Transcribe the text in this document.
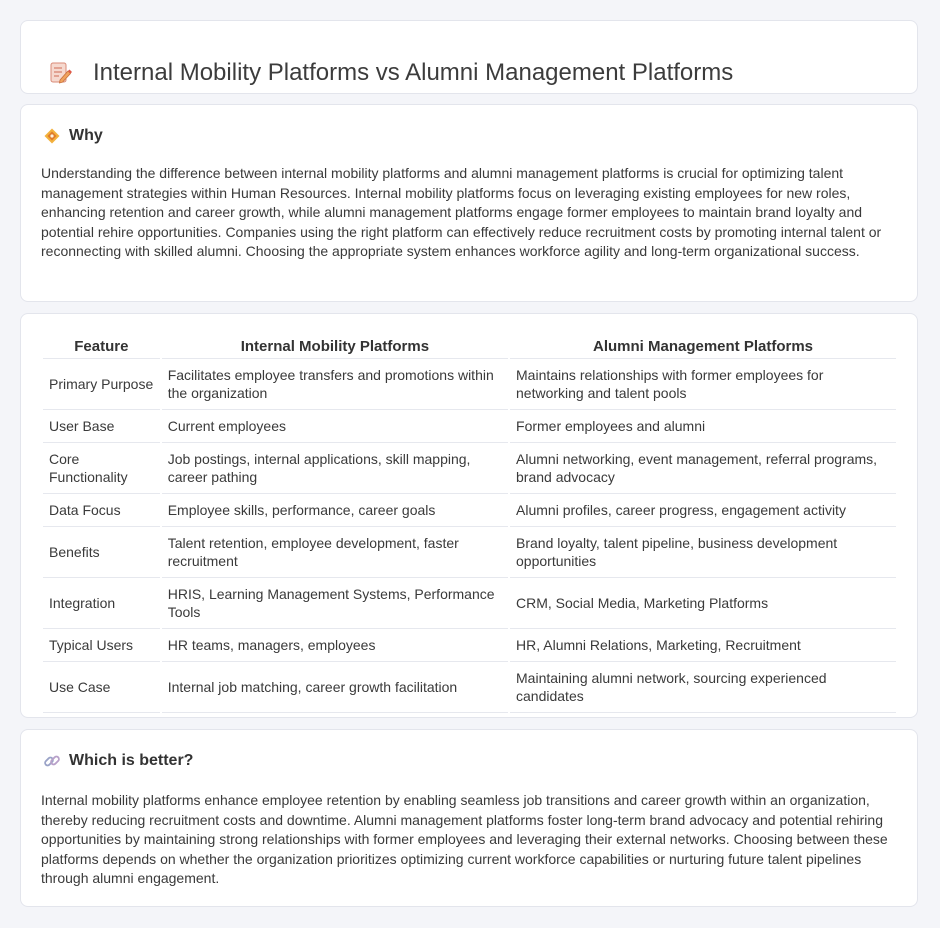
Internal Mobility Platforms vs Alumni Management Platforms
Why

Understanding the difference between internal mobility platforms and alumni management platforms is crucial for optimizing talent management strategies within Human Resources. Internal mobility platforms focus on leveraging existing employees for new roles, enhancing retention and career growth, while alumni management platforms engage former employees to maintain brand loyalty and potential rehire opportunities. Companies using the right platform can effectively reduce recruitment costs by promoting internal talent or reconnecting with skilled alumni. Choosing the appropriate system enhances workforce agility and long-term organizational success.

Feature	Internal Mobility Platforms	Alumni Management Platforms
Primary Purpose	Facilitates employee transfers and promotions within the organization	Maintains relationships with former employees for networking and talent pools
User Base	Current employees	Former employees and alumni
Core Functionality	Job postings, internal applications, skill mapping, career pathing	Alumni networking, event management, referral programs, brand advocacy
Data Focus	Employee skills, performance, career goals	Alumni profiles, career progress, engagement activity
Benefits	Talent retention, employee development, faster recruitment	Brand loyalty, talent pipeline, business development opportunities
Integration	HRIS, Learning Management Systems, Performance Tools	CRM, Social Media, Marketing Platforms
Typical Users	HR teams, managers, employees	HR, Alumni Relations, Marketing, Recruitment
Use Case	Internal job matching, career growth facilitation	Maintaining alumni network, sourcing experienced candidates
Which is better?

Internal mobility platforms enhance employee retention by enabling seamless job transitions and career growth within an organization, thereby reducing recruitment costs and downtime. Alumni management platforms foster long-term brand advocacy and potential rehiring opportunities by maintaining strong relationships with former employees and leveraging their external networks. Choosing between these platforms depends on whether the organization prioritizes optimizing current workforce capabilities or nurturing future talent pipelines through alumni engagement.
